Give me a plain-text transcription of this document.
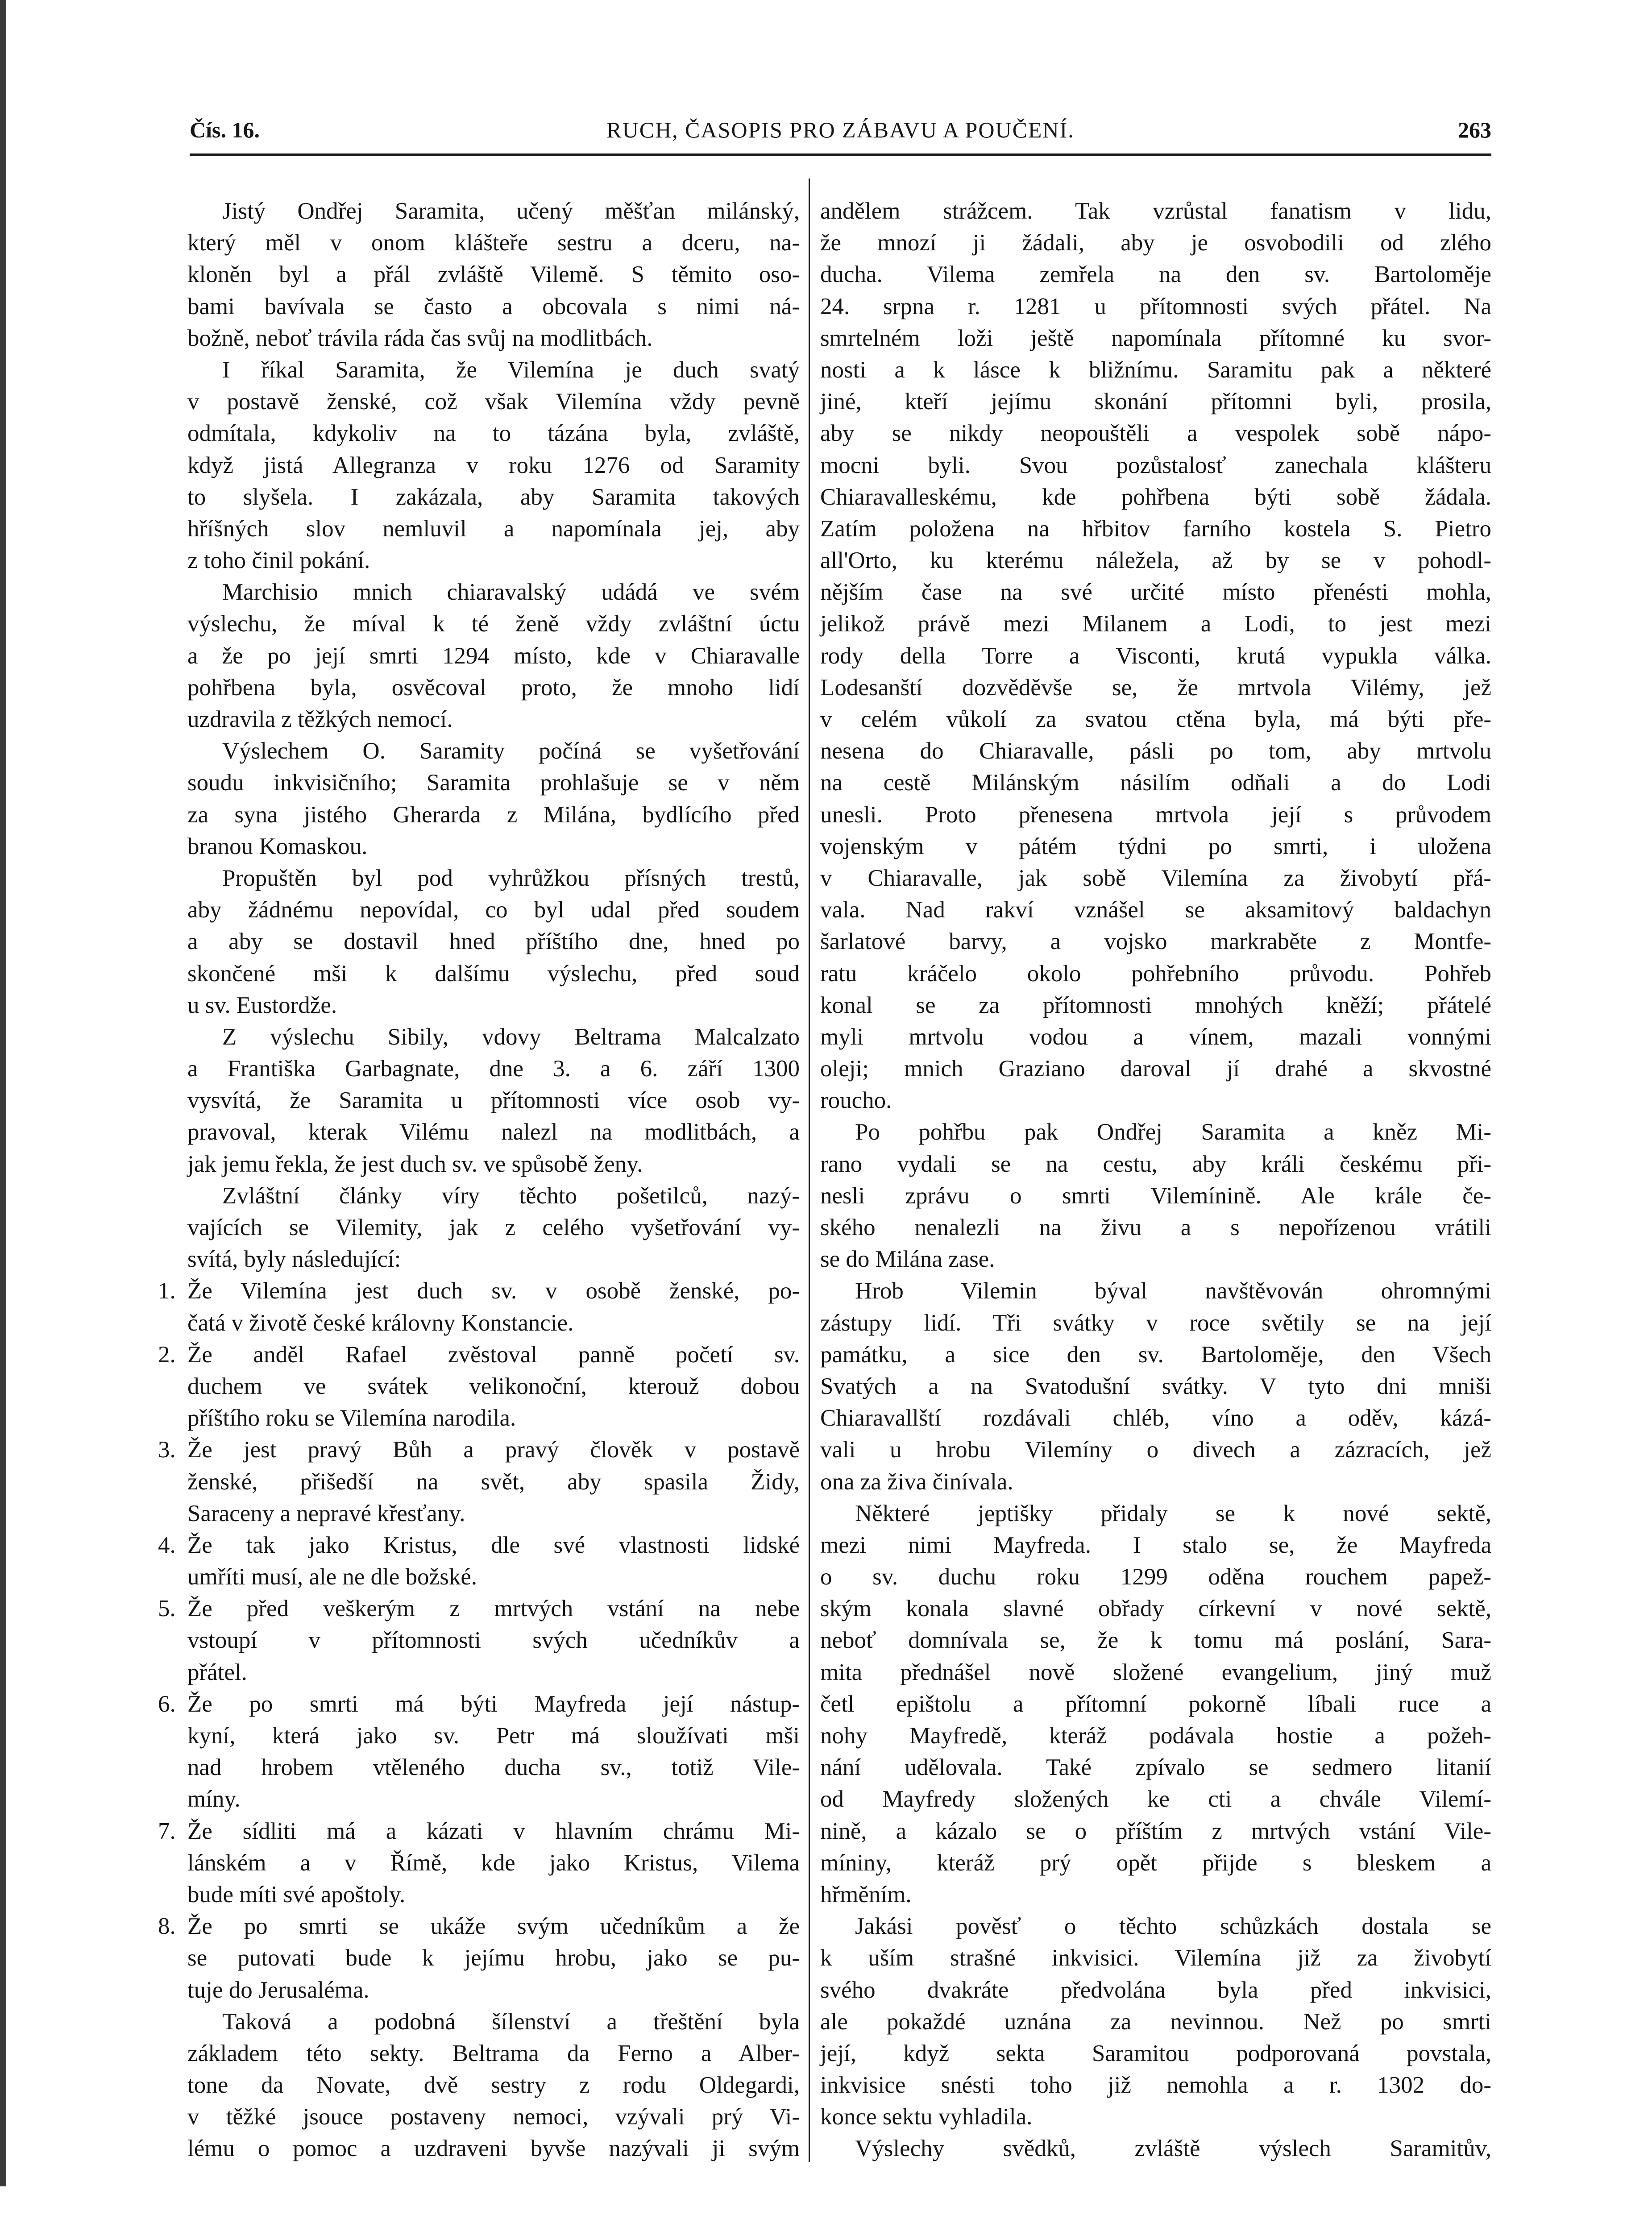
Čís. 16.	RUCH, ČASOPIS PRO ZÁBAVU A POUČENÍ.	263
Jistý Ondřej Saramita, učený měšťan milánský,
který měl v onom klášteře sestru a dceru, na-
kloněn byl a přál zvláště Vilemě. S těmito oso-
bami bavívala se často a obcovala s nimi ná-
božně, neboť trávila ráda čas svůj na modlitbách.
I říkal Saramita, že Vilemína je duch svatý
v postavě ženské, což však Vilemína vždy pevně
odmítala, kdykoliv na to tázána byla, zvláště,
když jistá Allegranza v roku 1276 od Saramity
to slyšela. I zakázala, aby Saramita takových
hříšných slov nemluvil a napomínala jej, aby
z toho činil pokání.
Marchisio mnich chiaravalský udádá ve svém
výslechu, že míval k té ženě vždy zvláštní úctu
a že po její smrti 1294 místo, kde v Chiaravalle
pohřbena byla, osvěcoval proto, že mnoho lidí
uzdravila z těžkých nemocí.
Výslechem O. Saramity počíná se vyšetřování
soudu inkvisičního; Saramita prohlašuje se v něm
za syna jistého Gherarda z Milána, bydlícího před
branou Komaskou.
Propuštěn byl pod vyhrůžkou přísných trestů,
aby žádnému nepovídal, co byl udal před soudem
a aby se dostavil hned příštího dne, hned po
skončené mši k dalšímu výslechu, před soud
u sv. Eustordže.
Z výslechu Sibily, vdovy Beltrama Malcalzato
a Františka Garbagnate, dne 3. a 6. září 1300
vysvítá, že Saramita u přítomnosti více osob vy-
pravoval, kterak Vilému nalezl na modlitbách, a
jak jemu řekla, že jest duch sv. ve spůsobě ženy.
Zvláštní články víry těchto pošetilců, nazý-
vajících se Vilemity, jak z celého vyšetřování vy-
svítá, byly následující:
1. Že Vilemína jest duch sv. v osobě ženské, po-
čatá v životě české královny Konstancie.
2. Že anděl Rafael zvěstoval panně početí sv.
duchem ve svátek velikonoční, kterouž dobou
příštího roku se Vilemína narodila.
3. Že jest pravý Bůh a pravý člověk v postavě
ženské, přišedší na svět, aby spasila Židy,
Saraceny a nepravé křesťany.
4. Že tak jako Kristus, dle své vlastnosti lidské
umříti musí, ale ne dle božské.
5. Že před veškerým z mrtvých vstání na nebe
vstoupí v přítomnosti svých učedníkův a
přátel.
6. Že po smrti má býti Mayfreda její nástup-
kyní, která jako sv. Petr má sloužívati mši
nad hrobem vtěleného ducha sv., totiž Vile-
míny.
7. Že sídliti má a kázati v hlavním chrámu Mi-
lánském a v Římě, kde jako Kristus, Vilema
bude míti své apoštoly.
8. Že po smrti se ukáže svým učedníkům a že
se putovati bude k jejímu hrobu, jako se pu-
tuje do Jerusaléma.
Taková a podobná šílenství a třeštění byla
základem této sekty. Beltrama da Ferno a Alber-
tone da Novate, dvě sestry z rodu Oldegardi,
v těžké jsouce postaveny nemoci, vzývali prý Vi-
lému o pomoc a uzdraveni byvše nazývali ji svým
andělem strážcem. Tak vzrůstal fanatism v lidu,
že mnozí ji žádali, aby je osvobodili od zlého
ducha. Vilema zemřela na den sv. Bartoloměje
24. srpna r. 1281 u přítomnosti svých přátel. Na
smrtelném loži ještě napomínala přítomné ku svor-
nosti a k lásce k bližnímu. Saramitu pak a některé
jiné, kteří jejímu skonání přítomni byli, prosila,
aby se nikdy neopouštěli a vespolek sobě nápo-
mocni byli. Svou pozůstalosť zanechala klášteru
Chiaravalleskému, kde pohřbena býti sobě žádala.
Zatím položena na hřbitov farního kostela S. Pietro
all'Orto, ku kterému náležela, až by se v pohodl-
nějším čase na své určité místo přenésti mohla,
jelikož právě mezi Milanem a Lodi, to jest mezi
rody della Torre a Visconti, krutá vypukla válka.
Lodesanští dozvěděvše se, že mrtvola Vilémy, jež
v celém vůkolí za svatou ctěna byla, má býti pře-
nesena do Chiaravalle, pásli po tom, aby mrtvolu
na cestě Milánským násilím odňali a do Lodi
unesli. Proto přenesena mrtvola její s průvodem
vojenským v pátém týdni po smrti, i uložena
v Chiaravalle, jak sobě Vilemína za živobytí přá-
vala. Nad rakví vznášel se aksamitový baldachyn
šarlatové barvy, a vojsko markraběte z Montfe-
ratu kráčelo okolo pohřebního průvodu. Pohřeb
konal se za přítomnosti mnohých kněží; přátelé
myli mrtvolu vodou a vínem, mazali vonnými
oleji; mnich Graziano daroval jí drahé a skvostné
roucho.
Po pohřbu pak Ondřej Saramita a kněz Mi-
rano vydali se na cestu, aby králi českému při-
nesli zprávu o smrti Vilemínině. Ale krále če-
ského nenalezli na živu a s nepořízenou vrátili
se do Milána zase.
Hrob Vilemin býval navštěvován ohromnými
zástupy lidí. Tři svátky v roce světily se na její
památku, a sice den sv. Bartoloměje, den Všech
Svatých a na Svatodušní svátky. V tyto dni mniši
Chiaravallští rozdávali chléb, víno a oděv, kázá-
vali u hrobu Vilemíny o divech a zázracích, jež
ona za živa činívala.
Některé jeptišky přidaly se k nové sektě,
mezi nimi Mayfreda. I stalo se, že Mayfreda
o sv. duchu roku 1299 oděna rouchem papež-
ským konala slavné obřady církevní v nové sektě,
neboť domnívala se, že k tomu má poslání, Sara-
mita přednášel nově složené evangelium, jiný muž
četl epištolu a přítomní pokorně líbali ruce a
nohy Mayfredě, kteráž podávala hostie a požeh-
nání udělovala. Také zpívalo se sedmero litanií
od Mayfredy složených ke cti a chvále Vilemí-
nině, a kázalo se o příštím z mrtvých vstání Vile-
míniny, kteráž prý opět přijde s bleskem a
hřměním.
Jakási pověsť o těchto schůzkách dostala se
k uším strašné inkvisici. Vilemína již za živobytí
svého dvakráte předvolána byla před inkvisici,
ale pokaždé uznána za nevinnou. Než po smrti
její, když sekta Saramitou podporovaná povstala,
inkvisice snésti toho již nemohla a r. 1302 do-
konce sektu vyhladila.
Výslechy svědků, zvláště výslech Saramitův,
